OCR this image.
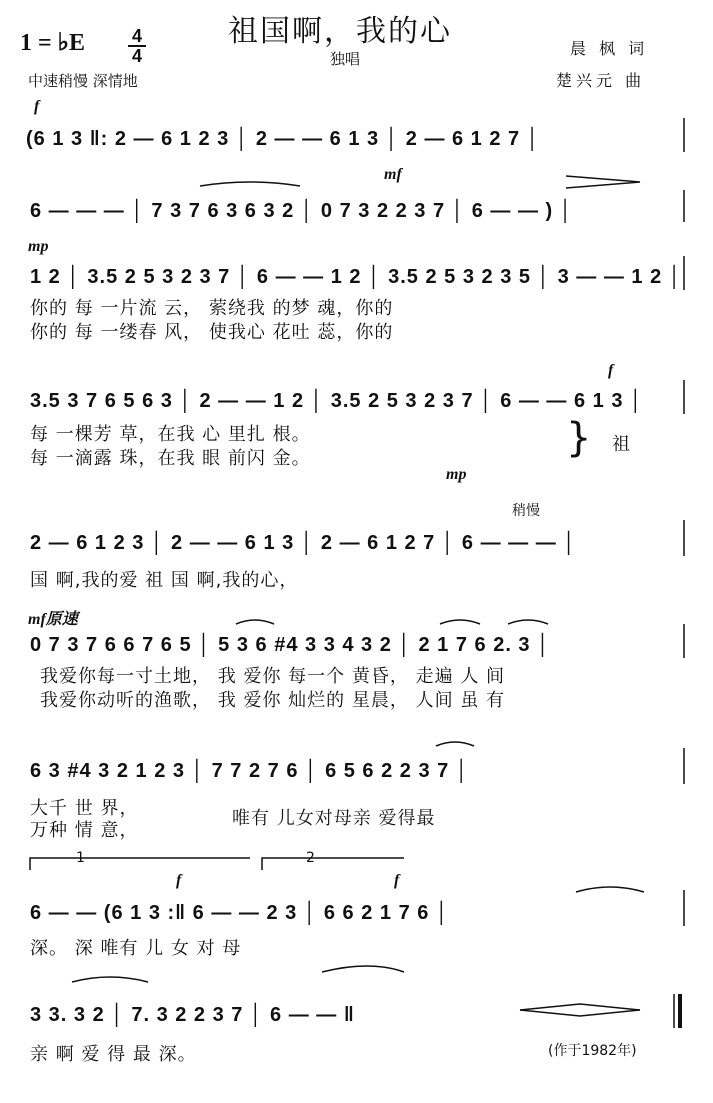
1 = ♭E	4
4
祖国啊，我的心
独唱
晨 枫 词
楚兴元 曲
中速稍慢 深情地
f
(6 1 3 ‖: 2 — 6 1 2 3 │ 2 — — 6 1 3 │ 2 — 6 1 2 7 │
mf
6 — — — │ 7 3 7 6 3 6 3 2 │ 0 7 3 2 2 3 7 │ 6 — — ) │
mp
1 2 │ 3.5 2 5 3 2 3 7 │ 6 — — 1 2 │ 3.5 2 5 3 2 3 5 │ 3 — — 1 2 │
你的 每 一片流 云， 萦绕我 的梦 魂，你的
你的 每 一缕春 风， 使我心 花吐 蕊，你的
f
3.5 3 7 6 5 6 3 │ 2 — — 1 2 │ 3.5 2 5 3 2 3 7 │ 6 — — 6 1 3 │
每 一棵芳 草，在我 心 里扎 根。
每 一滴露 珠，在我 眼 前闪 金。
祖
}
mp
稍慢
2 — 6 1 2 3 │ 2 — — 6 1 3 │ 2 — 6 1 2 7 │ 6 — — — │
国 啊,我的爱 祖 国 啊,我的心，
mf原速
0 7 3 7 6 6 7 6 5 │ 5 3 6 #4 3 3 4 3 2 │ 2 1 7 6 2. 3 │
我爱你每一寸土地， 我 爱你 每一个 黄昏， 走遍 人 间
我爱你动听的渔歌， 我 爱你 灿烂的 星晨， 人间 虽 有
6 3 #4 3 2 1 2 3 │ 7 7 2 7 6 │ 6 5 6 2 2 3 7 │
大千 世 界，
万种 情 意，
唯有 儿女对母亲 爱得最
1	2
f	f
6 — — (6 1 3 :‖ 6 — — 2 3 │ 6 6 2 1 7 6 │
深。 深 唯有 儿 女 对 母
3 3. 3 2 │ 7. 3 2 2 3 7 │ 6 — — ‖
亲 啊 爱 得 最 深。	(作于1982年)
